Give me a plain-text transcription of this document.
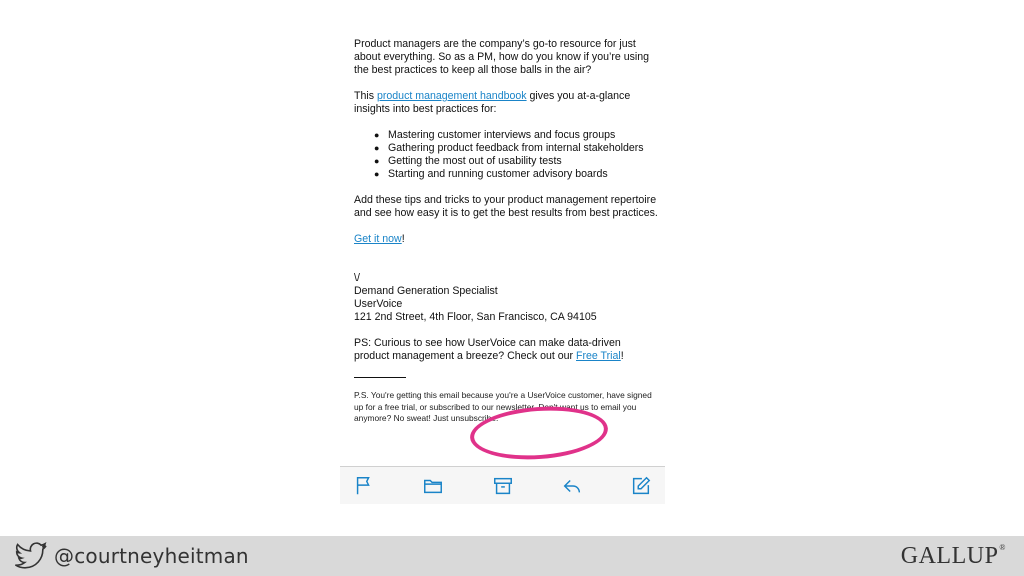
Product managers are the company’s go-to resource for just about everything. So as a PM, how do you know if you’re using the best practices to keep all those balls in the air?

This product management handbook gives you at-a-glance insights into best practices for:

● Mastering customer interviews and focus groups
● Gathering product feedback from internal stakeholders
● Getting the most out of usability tests
● Starting and running customer advisory boards

Add these tips and tricks to your product management repertoire and see how easy it is to get the best results from best practices.

Get it now!

\/
Demand Generation Specialist
UserVoice
121 2nd Street, 4th Floor, San Francisco, CA 94105

PS: Curious to see how UserVoice can make data-driven product management a breeze? Check out our Free Trial!

P.S. You're getting this email because you're a UserVoice customer, have signed up for a free trial, or subscribed to our newsletter. Don't want us to email you anymore? No sweat! Just unsubscribe.

@courtneyheitman	GALLUP®
